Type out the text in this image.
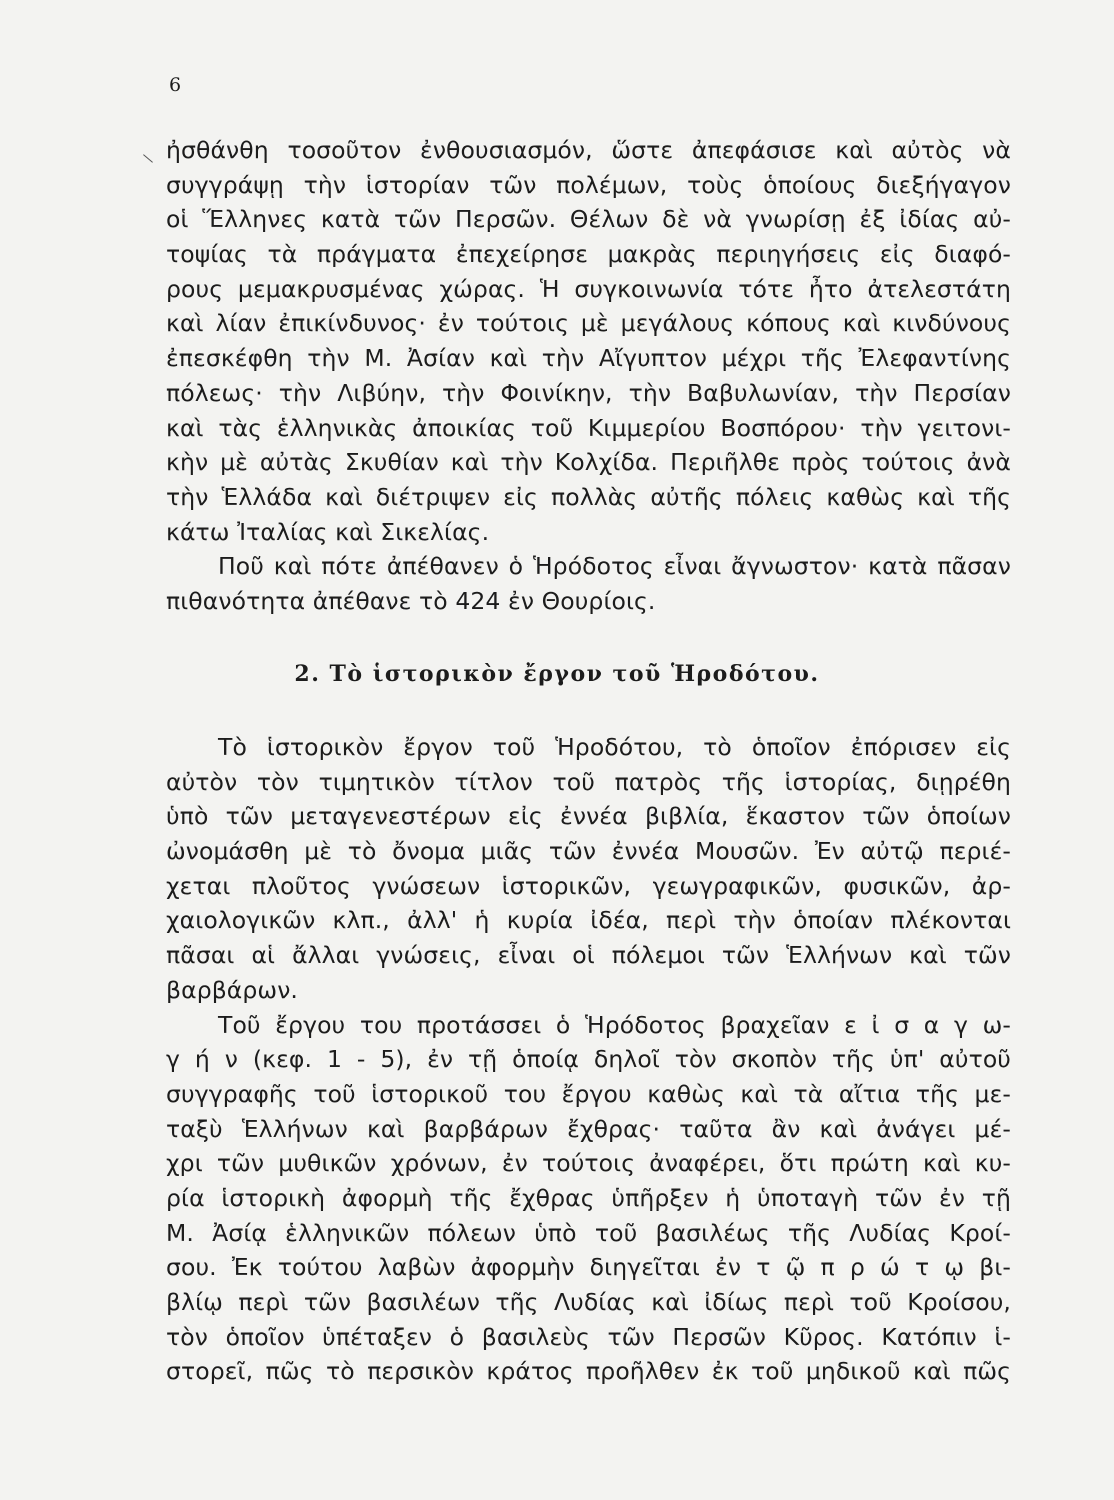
6
ἠσθάνθη τοσοῦτον ἐνθουσιασμόν, ὥστε ἀπεφάσισε καὶ αὐτὸς νὰ
συγγράψῃ τὴν ἱστορίαν τῶν πολέμων, τοὺς ὁποίους διεξήγαγον
οἱ Ἕλληνες κατὰ τῶν Περσῶν. Θέλων δὲ νὰ γνωρίσῃ ἐξ ἰδίας αὐ-
τοψίας τὰ πράγματα ἐπεχείρησε μακρὰς περιηγήσεις εἰς διαφό-
ρους μεμακρυσμένας χώρας. Ἡ συγκοινωνία τότε ἦτο ἀτελεστάτη
καὶ λίαν ἐπικίνδυνος· ἐν τούτοις μὲ μεγάλους κόπους καὶ κινδύνους
ἐπεσκέφθη τὴν Μ. Ἀσίαν καὶ τὴν Αἴγυπτον μέχρι τῆς Ἐλεφαντίνης
πόλεως· τὴν Λιβύην, τὴν Φοινίκην, τὴν Βαβυλωνίαν, τὴν Περσίαν
καὶ τὰς ἑλληνικὰς ἀποικίας τοῦ Κιμμερίου Βοσπόρου· τὴν γειτονι-
κὴν μὲ αὐτὰς Σκυθίαν καὶ τὴν Κολχίδα. Περιῆλθε πρὸς τούτοις ἀνὰ
τὴν Ἑλλάδα καὶ διέτριψεν εἰς πολλὰς αὐτῆς πόλεις καθὼς καὶ τῆς
κάτω Ἰταλίας καὶ Σικελίας.
Ποῦ καὶ πότε ἀπέθανεν ὁ Ἡρόδοτος εἶναι ἄγνωστον· κατὰ πᾶσαν
πιθανότητα ἀπέθανε τὸ 424 ἐν Θουρίοις.
2. Τὸ ἱστορικὸν ἔργον τοῦ Ἡροδότου.
Τὸ ἱστορικὸν ἔργον τοῦ Ἡροδότου, τὸ ὁποῖον ἐπόρισεν εἰς
αὐτὸν τὸν τιμητικὸν τίτλον τοῦ πατρὸς τῆς ἱστορίας, διῃρέθη
ὑπὸ τῶν μεταγενεστέρων εἰς ἐννέα βιβλία, ἕκαστον τῶν ὁποίων
ὠνομάσθη μὲ τὸ ὄνομα μιᾶς τῶν ἐννέα Μουσῶν. Ἐν αὐτῷ περιέ-
χεται πλοῦτος γνώσεων ἱστορικῶν, γεωγραφικῶν, φυσικῶν, ἀρ-
χαιολογικῶν κλπ., ἀλλ' ἡ κυρία ἰδέα, περὶ τὴν ὁποίαν πλέκονται
πᾶσαι αἱ ἄλλαι γνώσεις, εἶναι οἱ πόλεμοι τῶν Ἑλλήνων καὶ τῶν
βαρβάρων.
Τοῦ ἔργου του προτάσσει ὁ Ἡρόδοτος βραχεῖαν ε ἰ σ α γ ω-
γ ή ν (κεφ. 1 - 5), ἐν τῇ ὁποίᾳ δηλοῖ τὸν σκοπὸν τῆς ὑπ' αὐτοῦ
συγγραφῆς τοῦ ἱστορικοῦ του ἔργου καθὼς καὶ τὰ αἴτια τῆς με-
ταξὺ Ἑλλήνων καὶ βαρβάρων ἔχθρας· ταῦτα ἂν καὶ ἀνάγει μέ-
χρι τῶν μυθικῶν χρόνων, ἐν τούτοις ἀναφέρει, ὅτι πρώτη καὶ κυ-
ρία ἱστορικὴ ἀφορμὴ τῆς ἔχθρας ὑπῆρξεν ἡ ὑποταγὴ τῶν ἐν τῇ
Μ. Ἀσίᾳ ἑλληνικῶν πόλεων ὑπὸ τοῦ βασιλέως τῆς Λυδίας Κροί-
σου. Ἐκ τούτου λαβὼν ἀφορμὴν διηγεῖται ἐν τ ῷ π ρ ώ τ ῳ βι-
βλίῳ περὶ τῶν βασιλέων τῆς Λυδίας καὶ ἰδίως περὶ τοῦ Κροίσου,
τὸν ὁποῖον ὑπέταξεν ὁ βασιλεὺς τῶν Περσῶν Κῦρος. Κατόπιν ἱ-
στορεῖ, πῶς τὸ περσικὸν κράτος προῆλθεν ἐκ τοῦ μηδικοῦ καὶ πῶς
